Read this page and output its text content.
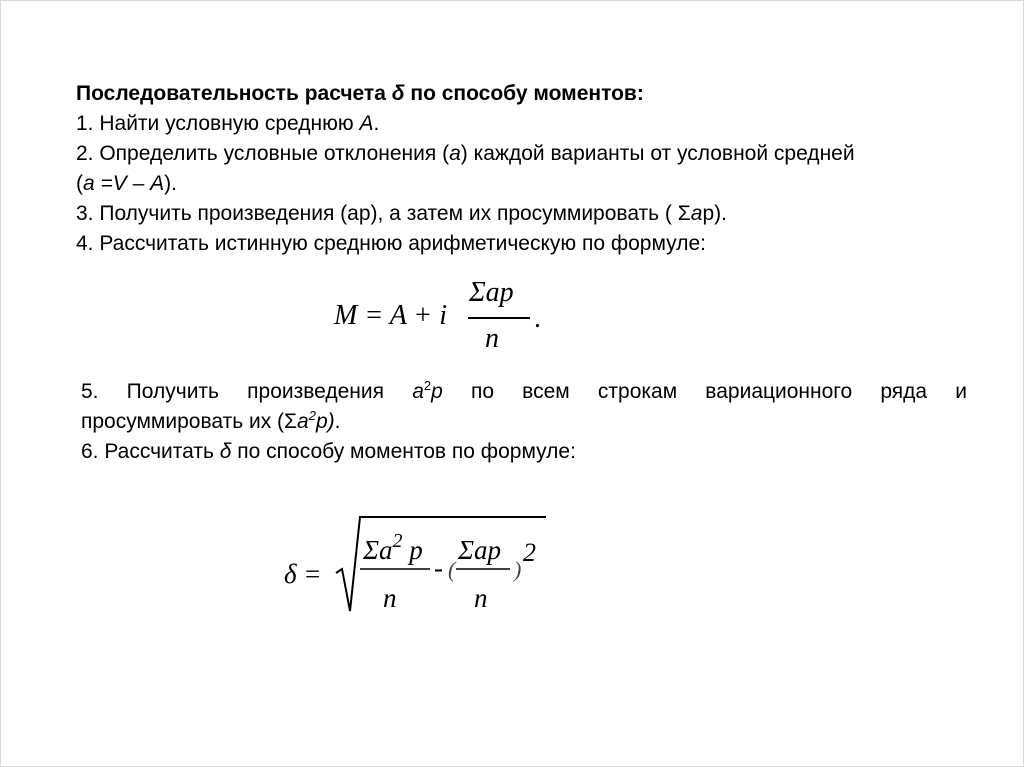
Последовательность расчета δ по способу моментов:
1. Найти условную среднюю А.
2. Определить условные отклонения (а) каждой варианты от условной средней
(а =V – А).
3. Получить произведения (ар), а затем их просуммировать ( Σар).
4. Рассчитать истинную среднюю арифметическую по формуле:
M = A + i
Σap
n
.
5. Получить произведения $a^2p$ по всем строкам вариационного ряда и
просуммировать их $(\Sigma a^2p)$.
6. Рассчитать δ по способу моментов по формуле:
δ =
$\Sigma a^2$ p
n
- (
Σap
n
)
2
